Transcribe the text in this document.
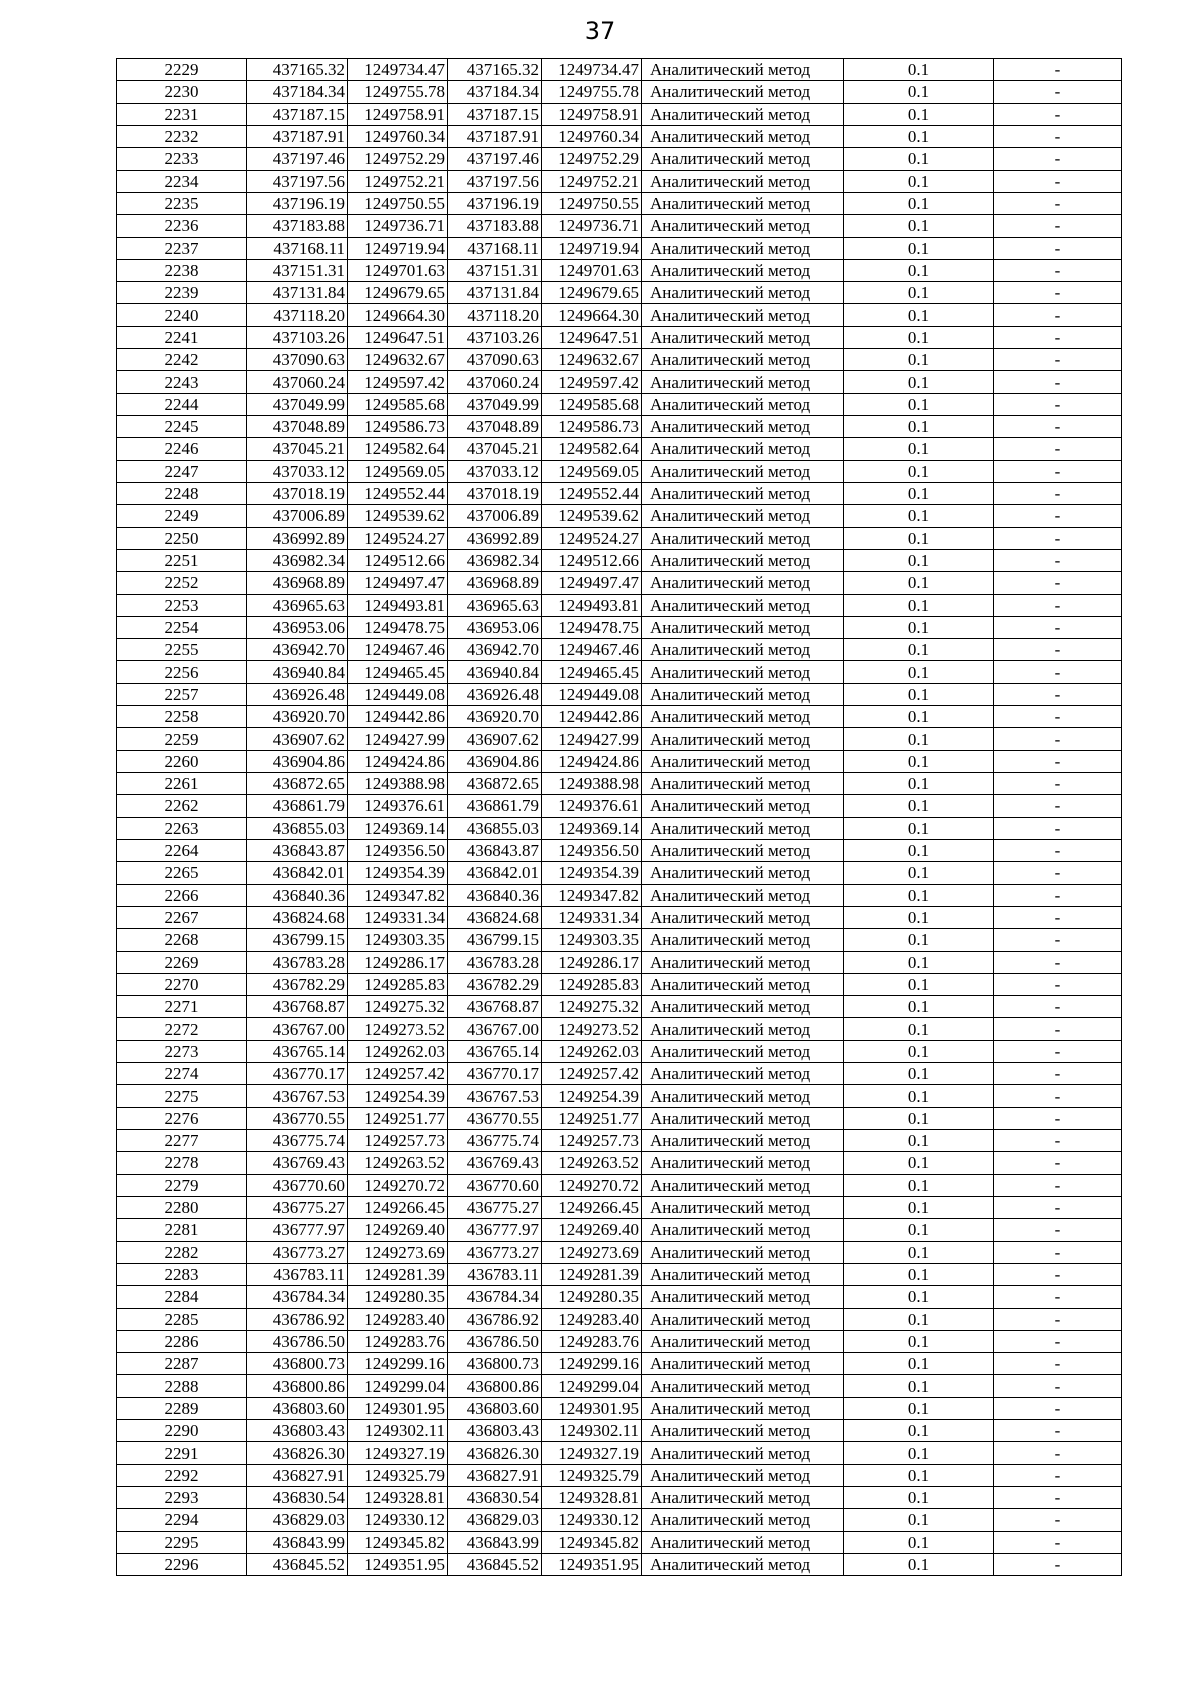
37
2229	437165.32	1249734.47	437165.32	1249734.47	Аналитический метод	0.1	-
2230	437184.34	1249755.78	437184.34	1249755.78	Аналитический метод	0.1	-
2231	437187.15	1249758.91	437187.15	1249758.91	Аналитический метод	0.1	-
2232	437187.91	1249760.34	437187.91	1249760.34	Аналитический метод	0.1	-
2233	437197.46	1249752.29	437197.46	1249752.29	Аналитический метод	0.1	-
2234	437197.56	1249752.21	437197.56	1249752.21	Аналитический метод	0.1	-
2235	437196.19	1249750.55	437196.19	1249750.55	Аналитический метод	0.1	-
2236	437183.88	1249736.71	437183.88	1249736.71	Аналитический метод	0.1	-
2237	437168.11	1249719.94	437168.11	1249719.94	Аналитический метод	0.1	-
2238	437151.31	1249701.63	437151.31	1249701.63	Аналитический метод	0.1	-
2239	437131.84	1249679.65	437131.84	1249679.65	Аналитический метод	0.1	-
2240	437118.20	1249664.30	437118.20	1249664.30	Аналитический метод	0.1	-
2241	437103.26	1249647.51	437103.26	1249647.51	Аналитический метод	0.1	-
2242	437090.63	1249632.67	437090.63	1249632.67	Аналитический метод	0.1	-
2243	437060.24	1249597.42	437060.24	1249597.42	Аналитический метод	0.1	-
2244	437049.99	1249585.68	437049.99	1249585.68	Аналитический метод	0.1	-
2245	437048.89	1249586.73	437048.89	1249586.73	Аналитический метод	0.1	-
2246	437045.21	1249582.64	437045.21	1249582.64	Аналитический метод	0.1	-
2247	437033.12	1249569.05	437033.12	1249569.05	Аналитический метод	0.1	-
2248	437018.19	1249552.44	437018.19	1249552.44	Аналитический метод	0.1	-
2249	437006.89	1249539.62	437006.89	1249539.62	Аналитический метод	0.1	-
2250	436992.89	1249524.27	436992.89	1249524.27	Аналитический метод	0.1	-
2251	436982.34	1249512.66	436982.34	1249512.66	Аналитический метод	0.1	-
2252	436968.89	1249497.47	436968.89	1249497.47	Аналитический метод	0.1	-
2253	436965.63	1249493.81	436965.63	1249493.81	Аналитический метод	0.1	-
2254	436953.06	1249478.75	436953.06	1249478.75	Аналитический метод	0.1	-
2255	436942.70	1249467.46	436942.70	1249467.46	Аналитический метод	0.1	-
2256	436940.84	1249465.45	436940.84	1249465.45	Аналитический метод	0.1	-
2257	436926.48	1249449.08	436926.48	1249449.08	Аналитический метод	0.1	-
2258	436920.70	1249442.86	436920.70	1249442.86	Аналитический метод	0.1	-
2259	436907.62	1249427.99	436907.62	1249427.99	Аналитический метод	0.1	-
2260	436904.86	1249424.86	436904.86	1249424.86	Аналитический метод	0.1	-
2261	436872.65	1249388.98	436872.65	1249388.98	Аналитический метод	0.1	-
2262	436861.79	1249376.61	436861.79	1249376.61	Аналитический метод	0.1	-
2263	436855.03	1249369.14	436855.03	1249369.14	Аналитический метод	0.1	-
2264	436843.87	1249356.50	436843.87	1249356.50	Аналитический метод	0.1	-
2265	436842.01	1249354.39	436842.01	1249354.39	Аналитический метод	0.1	-
2266	436840.36	1249347.82	436840.36	1249347.82	Аналитический метод	0.1	-
2267	436824.68	1249331.34	436824.68	1249331.34	Аналитический метод	0.1	-
2268	436799.15	1249303.35	436799.15	1249303.35	Аналитический метод	0.1	-
2269	436783.28	1249286.17	436783.28	1249286.17	Аналитический метод	0.1	-
2270	436782.29	1249285.83	436782.29	1249285.83	Аналитический метод	0.1	-
2271	436768.87	1249275.32	436768.87	1249275.32	Аналитический метод	0.1	-
2272	436767.00	1249273.52	436767.00	1249273.52	Аналитический метод	0.1	-
2273	436765.14	1249262.03	436765.14	1249262.03	Аналитический метод	0.1	-
2274	436770.17	1249257.42	436770.17	1249257.42	Аналитический метод	0.1	-
2275	436767.53	1249254.39	436767.53	1249254.39	Аналитический метод	0.1	-
2276	436770.55	1249251.77	436770.55	1249251.77	Аналитический метод	0.1	-
2277	436775.74	1249257.73	436775.74	1249257.73	Аналитический метод	0.1	-
2278	436769.43	1249263.52	436769.43	1249263.52	Аналитический метод	0.1	-
2279	436770.60	1249270.72	436770.60	1249270.72	Аналитический метод	0.1	-
2280	436775.27	1249266.45	436775.27	1249266.45	Аналитический метод	0.1	-
2281	436777.97	1249269.40	436777.97	1249269.40	Аналитический метод	0.1	-
2282	436773.27	1249273.69	436773.27	1249273.69	Аналитический метод	0.1	-
2283	436783.11	1249281.39	436783.11	1249281.39	Аналитический метод	0.1	-
2284	436784.34	1249280.35	436784.34	1249280.35	Аналитический метод	0.1	-
2285	436786.92	1249283.40	436786.92	1249283.40	Аналитический метод	0.1	-
2286	436786.50	1249283.76	436786.50	1249283.76	Аналитический метод	0.1	-
2287	436800.73	1249299.16	436800.73	1249299.16	Аналитический метод	0.1	-
2288	436800.86	1249299.04	436800.86	1249299.04	Аналитический метод	0.1	-
2289	436803.60	1249301.95	436803.60	1249301.95	Аналитический метод	0.1	-
2290	436803.43	1249302.11	436803.43	1249302.11	Аналитический метод	0.1	-
2291	436826.30	1249327.19	436826.30	1249327.19	Аналитический метод	0.1	-
2292	436827.91	1249325.79	436827.91	1249325.79	Аналитический метод	0.1	-
2293	436830.54	1249328.81	436830.54	1249328.81	Аналитический метод	0.1	-
2294	436829.03	1249330.12	436829.03	1249330.12	Аналитический метод	0.1	-
2295	436843.99	1249345.82	436843.99	1249345.82	Аналитический метод	0.1	-
2296	436845.52	1249351.95	436845.52	1249351.95	Аналитический метод	0.1	-
